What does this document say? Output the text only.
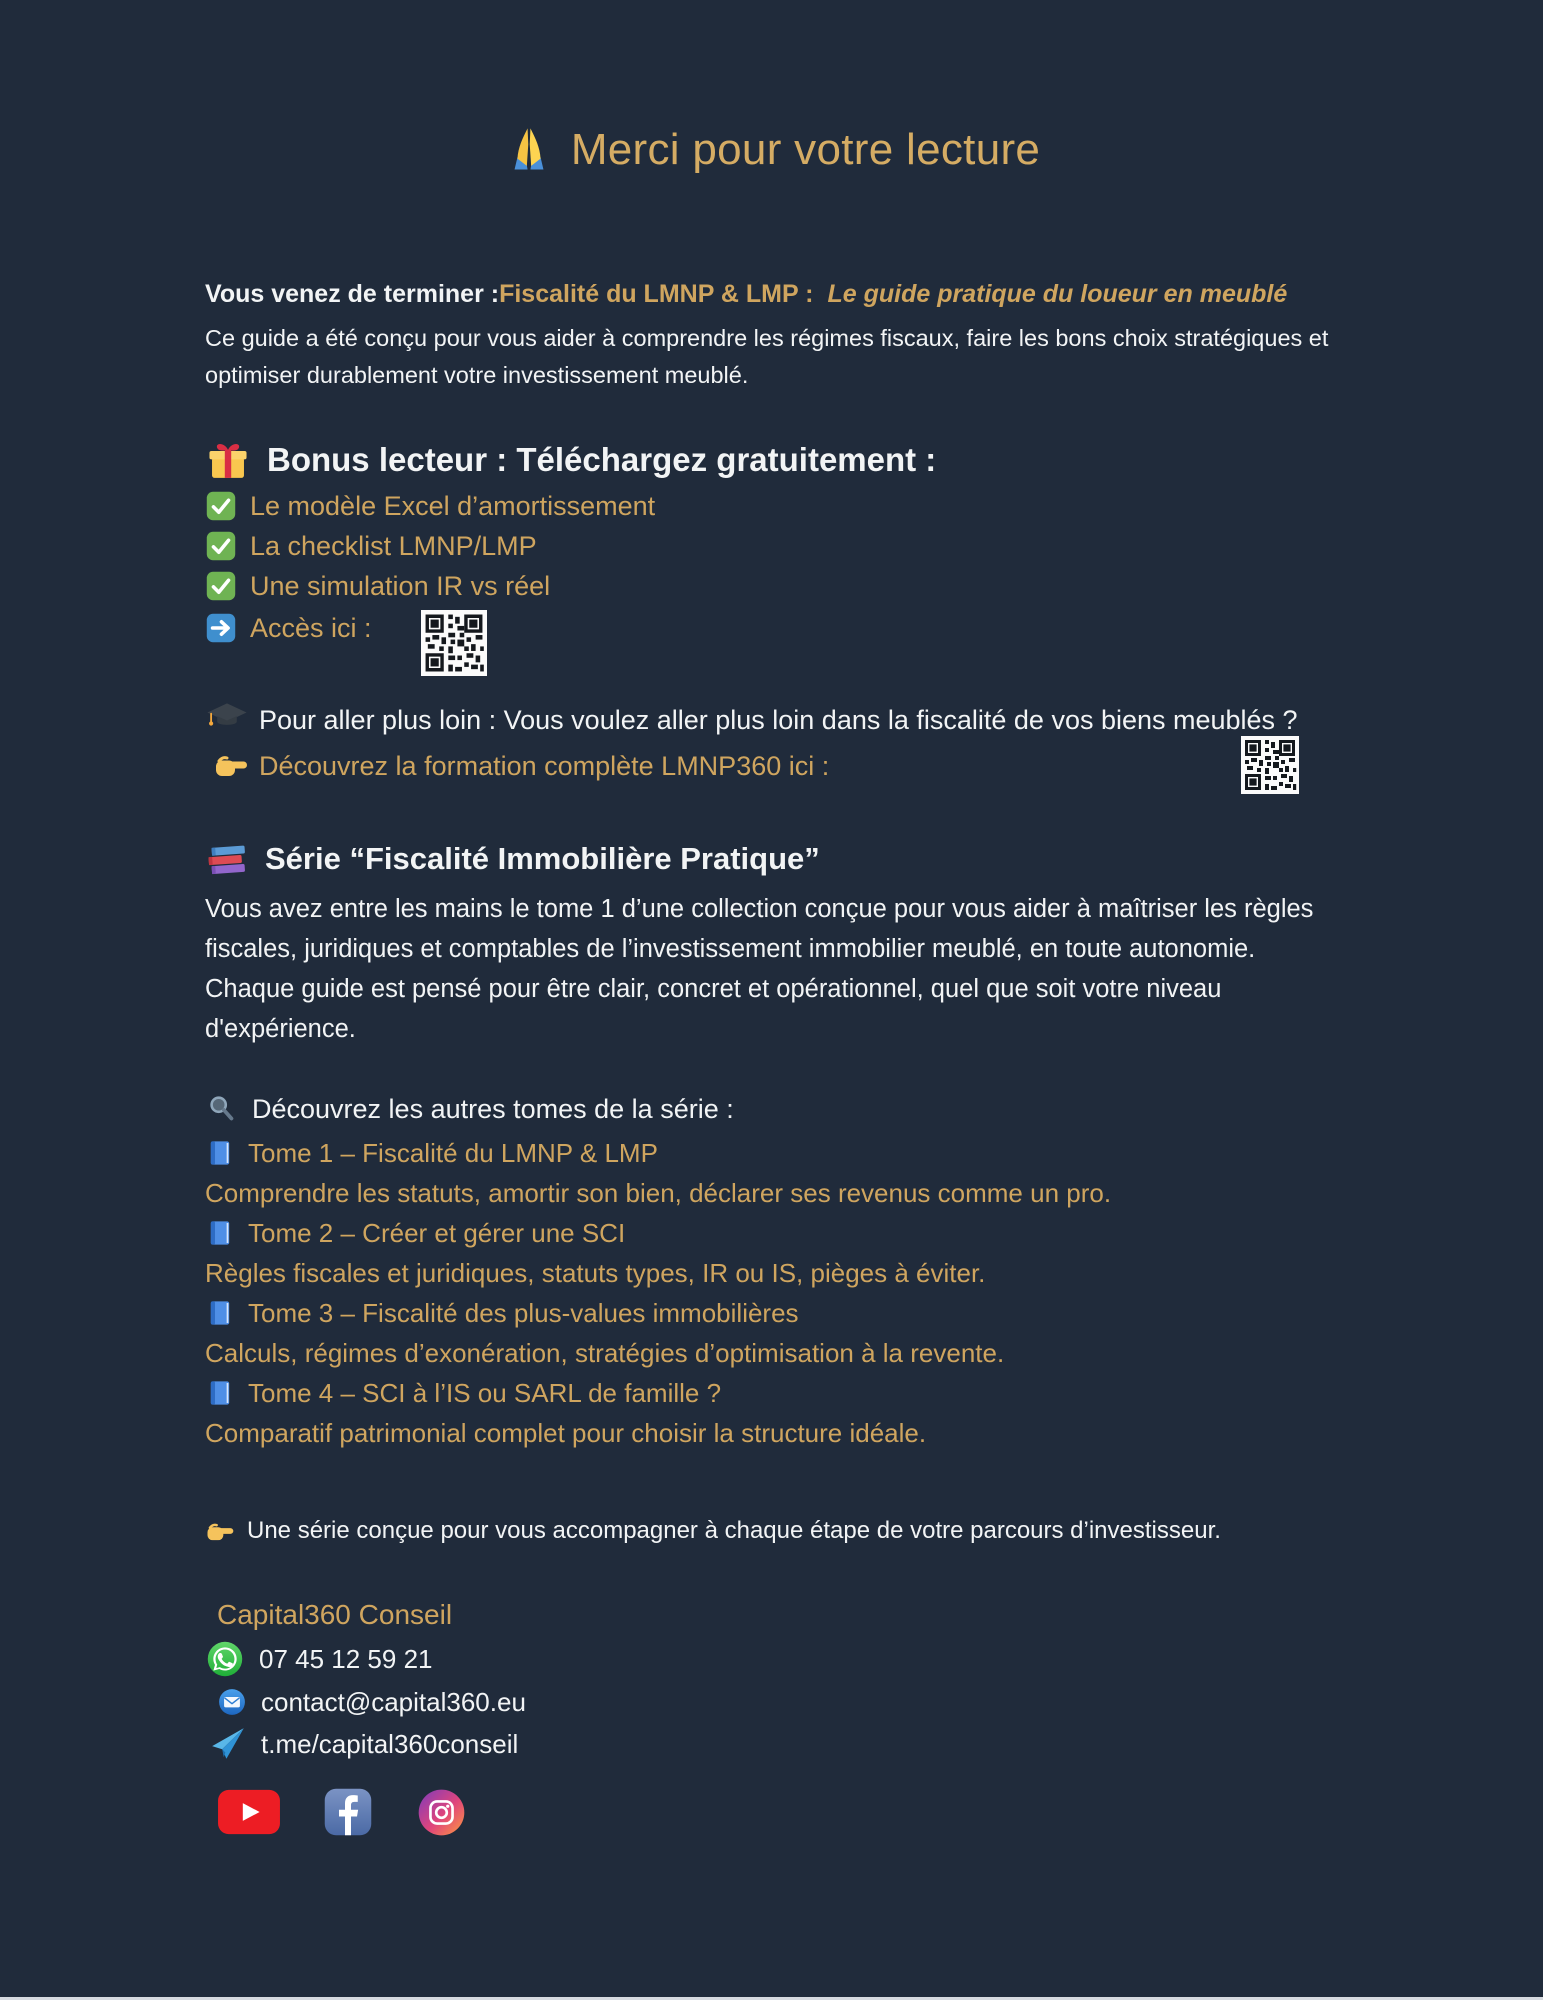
Merci pour votre lecture

Vous venez de terminer :Fiscalité du LMNP & LMP : Le guide pratique du loueur en meublé

Ce guide a été conçu pour vous aider à comprendre les régimes fiscaux, faire les bons choix stratégiques et optimiser durablement votre investissement meublé.

Bonus lecteur : Téléchargez gratuitement :
Le modèle Excel d’amortissement
La checklist LMNP/LMP
Une simulation IR vs réel
Accès ici :
Pour aller plus loin : Vous voulez aller plus loin dans la fiscalité de vos biens meublés ?Découvrez la formation complète LMNP360 ici :
Série “Fiscalité Immobilière Pratique”

Vous avez entre les mains le tome 1 d’une collection conçue pour vous aider à maîtriser les règles fiscales, juridiques et comptables de l’investissement immobilier meublé, en toute autonomie.

Chaque guide est pensé pour être clair, concret et opérationnel, quel que soit votre niveau d'expérience.

Découvrez les autres tomes de la série :
Tome 1 – Fiscalité du LMNP & LMP
Comprendre les statuts, amortir son bien, déclarer ses revenus comme un pro.
Tome 2 – Créer et gérer une SCI
Règles fiscales et juridiques, statuts types, IR ou IS, pièges à éviter.
Tome 3 – Fiscalité des plus-values immobilières
Calculs, régimes d’exonération, stratégies d’optimisation à la revente.
Tome 4 – SCI à l’IS ou SARL de famille ?
Comparatif patrimonial complet pour choisir la structure idéale.
Une série conçue pour vous accompagner à chaque étape de votre parcours d’investisseur.
Capital360 Conseil
07 45 12 59 21
contact@capital360.eu
t.me/capital360conseil
